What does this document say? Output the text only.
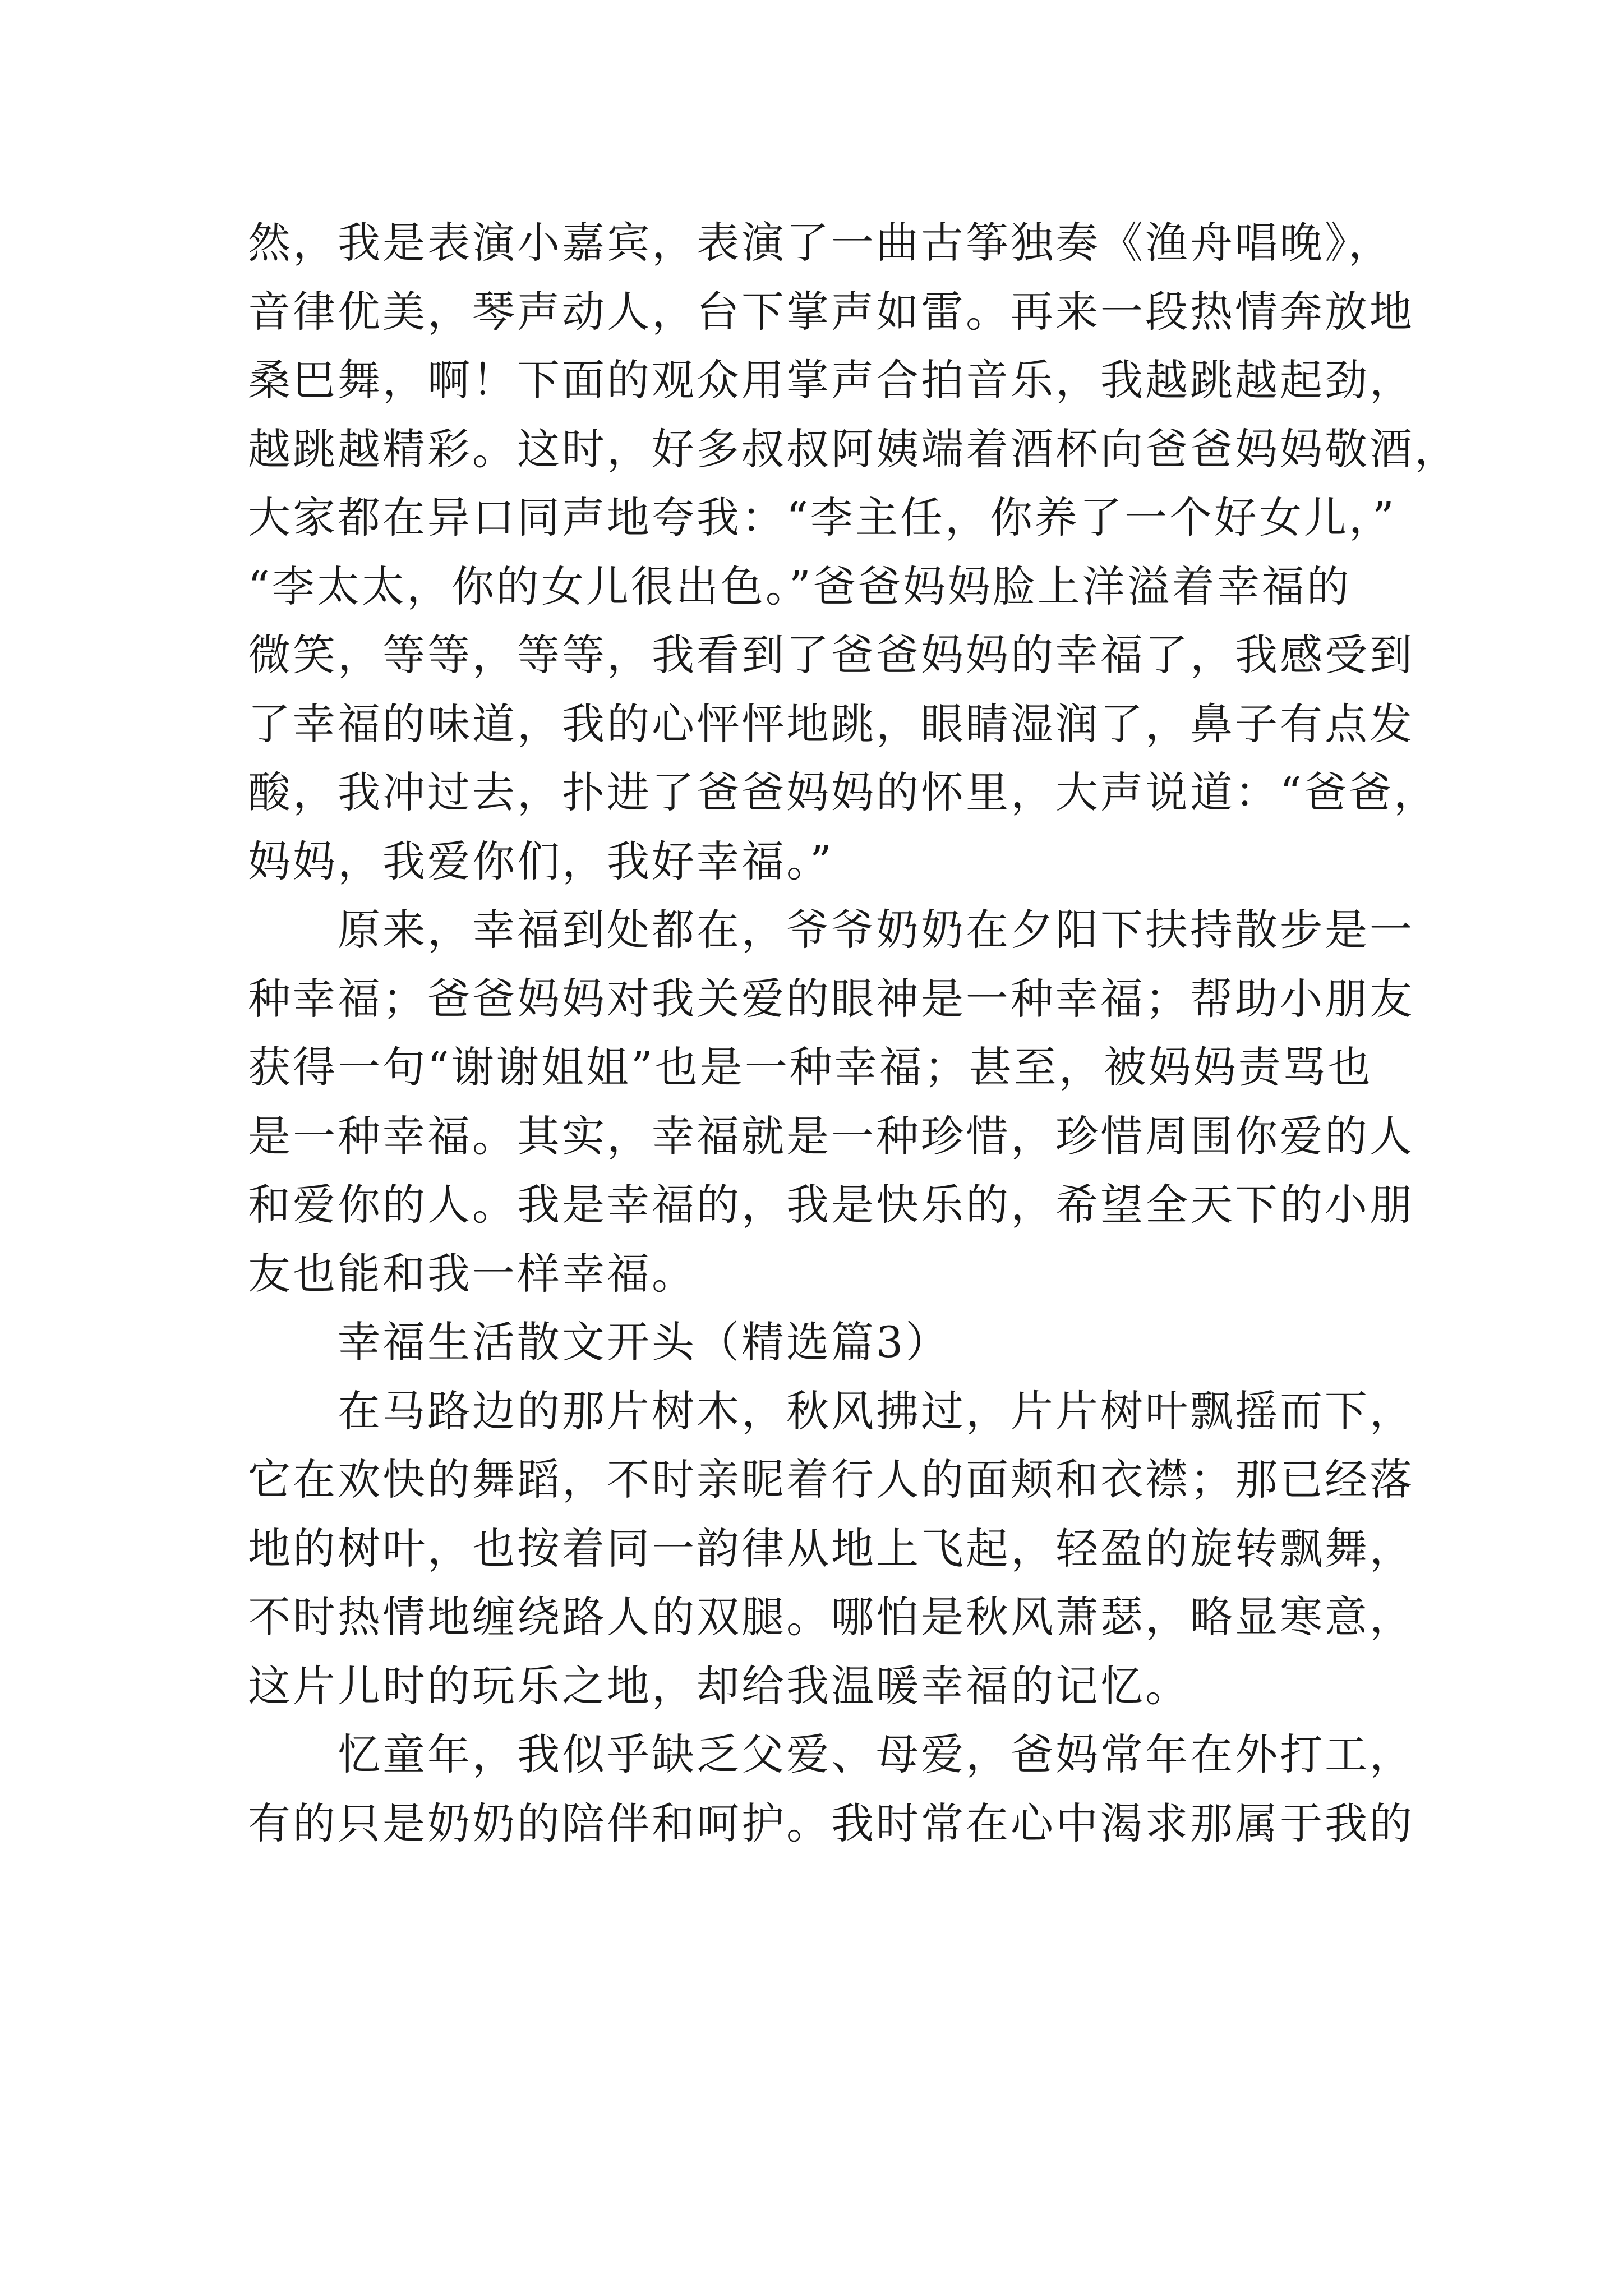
然，我是表演小嘉宾，表演了一曲古筝独奏《渔舟唱晚》，
音律优美，琴声动人，台下掌声如雷。再来一段热情奔放地
桑巴舞，啊！下面的观众用掌声合拍音乐，我越跳越起劲，
越跳越精彩。这时，好多叔叔阿姨端着酒杯向爸爸妈妈敬酒，
大家都在异口同声地夸我：“李主任，你养了一个好女儿，”
“李太太，你的女儿很出色。”爸爸妈妈脸上洋溢着幸福的
微笑，等等，等等，我看到了爸爸妈妈的幸福了，我感受到
了幸福的味道，我的心怦怦地跳，眼睛湿润了，鼻子有点发
酸，我冲过去，扑进了爸爸妈妈的怀里，大声说道：“爸爸，
妈妈，我爱你们，我好幸福。”
原来，幸福到处都在，爷爷奶奶在夕阳下扶持散步是一
种幸福；爸爸妈妈对我关爱的眼神是一种幸福；帮助小朋友
获得一句“谢谢姐姐”也是一种幸福；甚至，被妈妈责骂也
是一种幸福。其实，幸福就是一种珍惜，珍惜周围你爱的人
和爱你的人。我是幸福的，我是快乐的，希望全天下的小朋
友也能和我一样幸福。
幸福生活散文开头（精选篇3）
在马路边的那片树木，秋风拂过，片片树叶飘摇而下，
它在欢快的舞蹈，不时亲昵着行人的面颊和衣襟；那已经落
地的树叶，也按着同一韵律从地上飞起，轻盈的旋转飘舞，
不时热情地缠绕路人的双腿。哪怕是秋风萧瑟，略显寒意，
这片儿时的玩乐之地，却给我温暖幸福的记忆。
忆童年，我似乎缺乏父爱、母爱，爸妈常年在外打工，
有的只是奶奶的陪伴和呵护。我时常在心中渴求那属于我的
